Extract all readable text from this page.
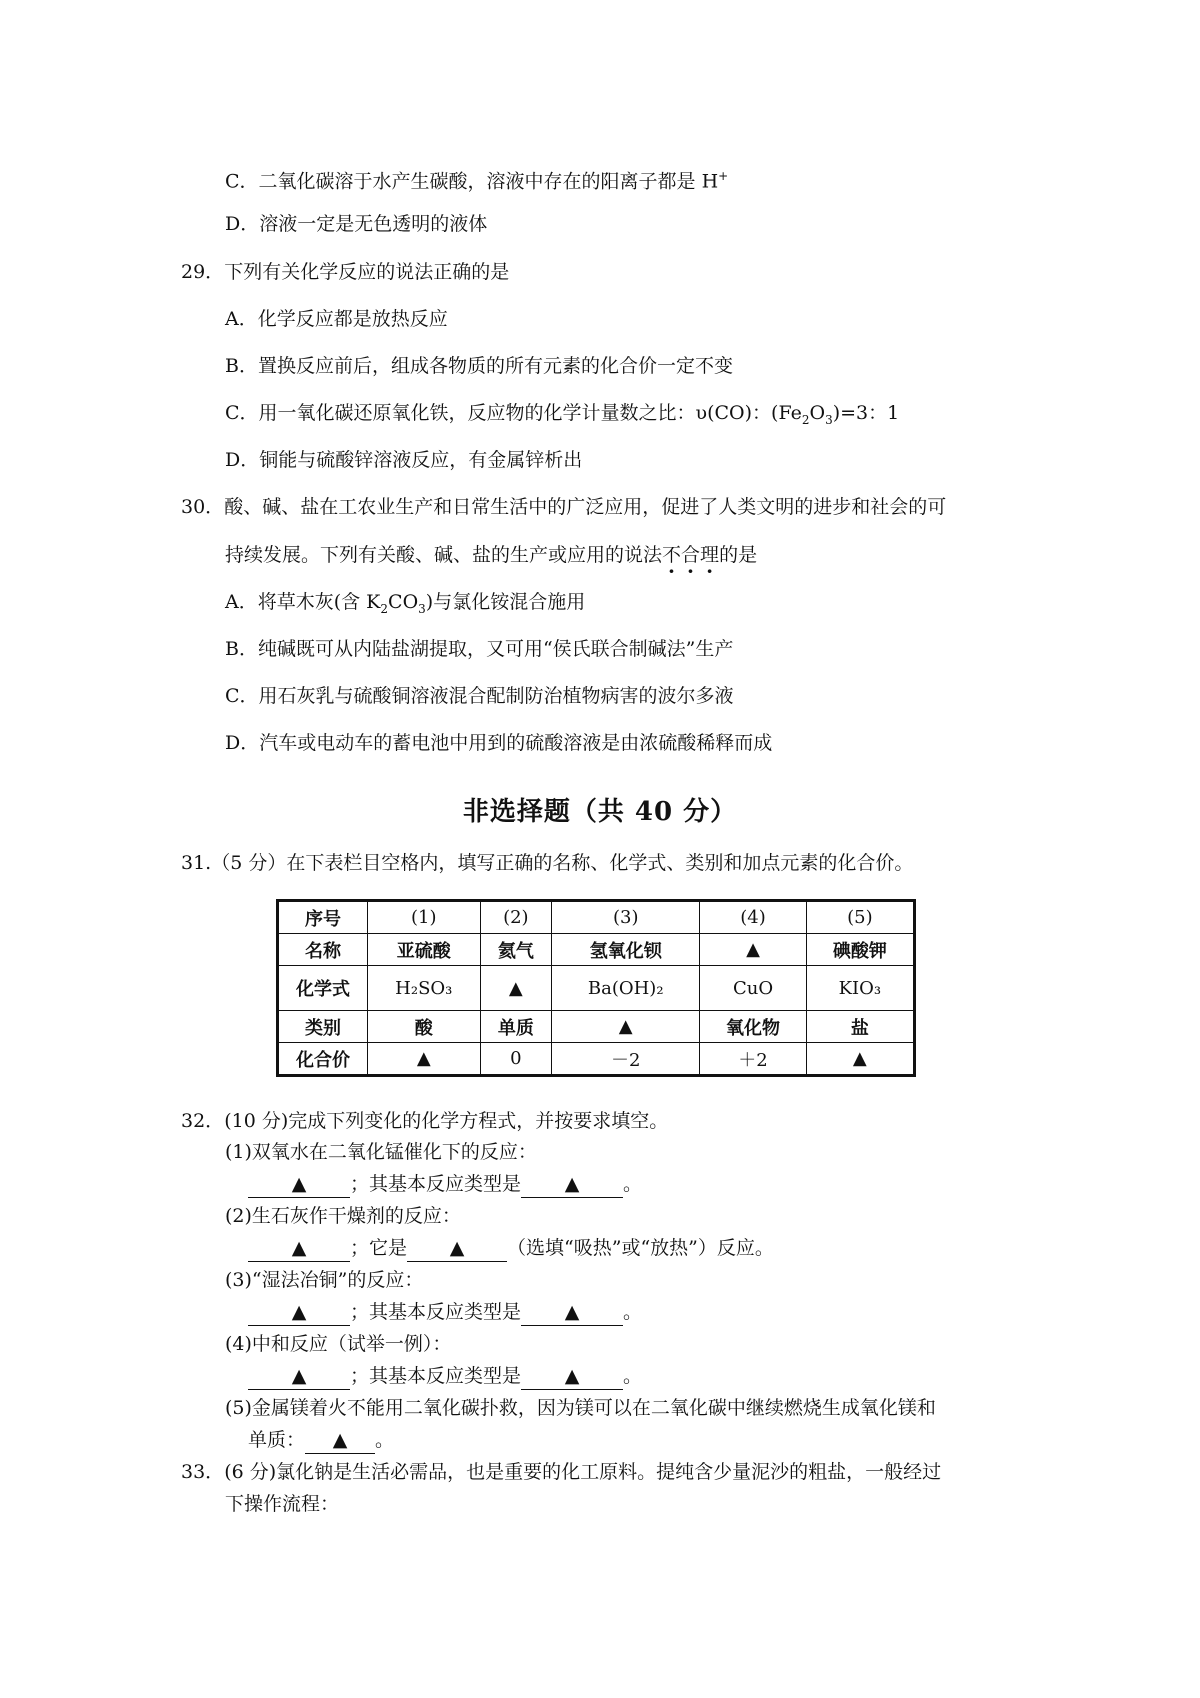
C．二氧化碳溶于水产生碳酸，溶液中存在的阳离子都是 H+
D．溶液一定是无色透明的液体
29．下列有关化学反应的说法正确的是
A．化学反应都是放热反应
B．置换反应前后，组成各物质的所有元素的化合价一定不变
C．用一氧化碳还原氧化铁，反应物的化学计量数之比：υ(CO)：$(Fe_2O_3)=3$：1
D．铜能与硫酸锌溶液反应，有金属锌析出
30．酸、碱、盐在工农业生产和日常生活中的广泛应用，促进了人类文明的进步和社会的可
持续发展。下列有关酸、碱、盐的生产或应用的说法不合理的是
A．将草木灰(含 $K_2CO_3$)与氯化铵混合施用
B．纯碱既可从内陆盐湖提取，又可用“侯氏联合制碱法”生产
C．用石灰乳与硫酸铜溶液混合配制防治植物病害的波尔多液
D．汽车或电动车的蓄电池中用到的硫酸溶液是由浓硫酸稀释而成
非选择题（共 40 分）
31.（5 分）在下表栏目空格内，填写正确的名称、化学式、类别和加点元素的化合价。
序号	(1)	(2)	(3)	(4)	(5)
名称	亚硫酸	氦气	氢氧化钡	▲	碘酸钾
化学式	H₂SO₃	▲	Ba(OH)₂	CuO	KIO₃
类别	酸	单质	▲	氧化物	盐
化合价	▲	0	－2	＋2	▲
32．(10 分)完成下列变化的化学方程式，并按要求填空。
(1)双氧水在二氧化锰催化下的反应：
▲ ；其基本反应类型是 ▲ 。
(2)生石灰作干燥剂的反应：
▲ ；它是 ▲ （选填“吸热”或“放热”）反应。
(3)“湿法冶铜”的反应：
▲ ；其基本反应类型是 ▲ 。
(4)中和反应（试举一例）：
▲ ；其基本反应类型是 ▲ 。
(5)金属镁着火不能用二氧化碳扑救，因为镁可以在二氧化碳中继续燃烧生成氧化镁和
单质： ▲ 。
33．(6 分)氯化钠是生活必需品，也是重要的化工原料。提纯含少量泥沙的粗盐，一般经过
下操作流程：
